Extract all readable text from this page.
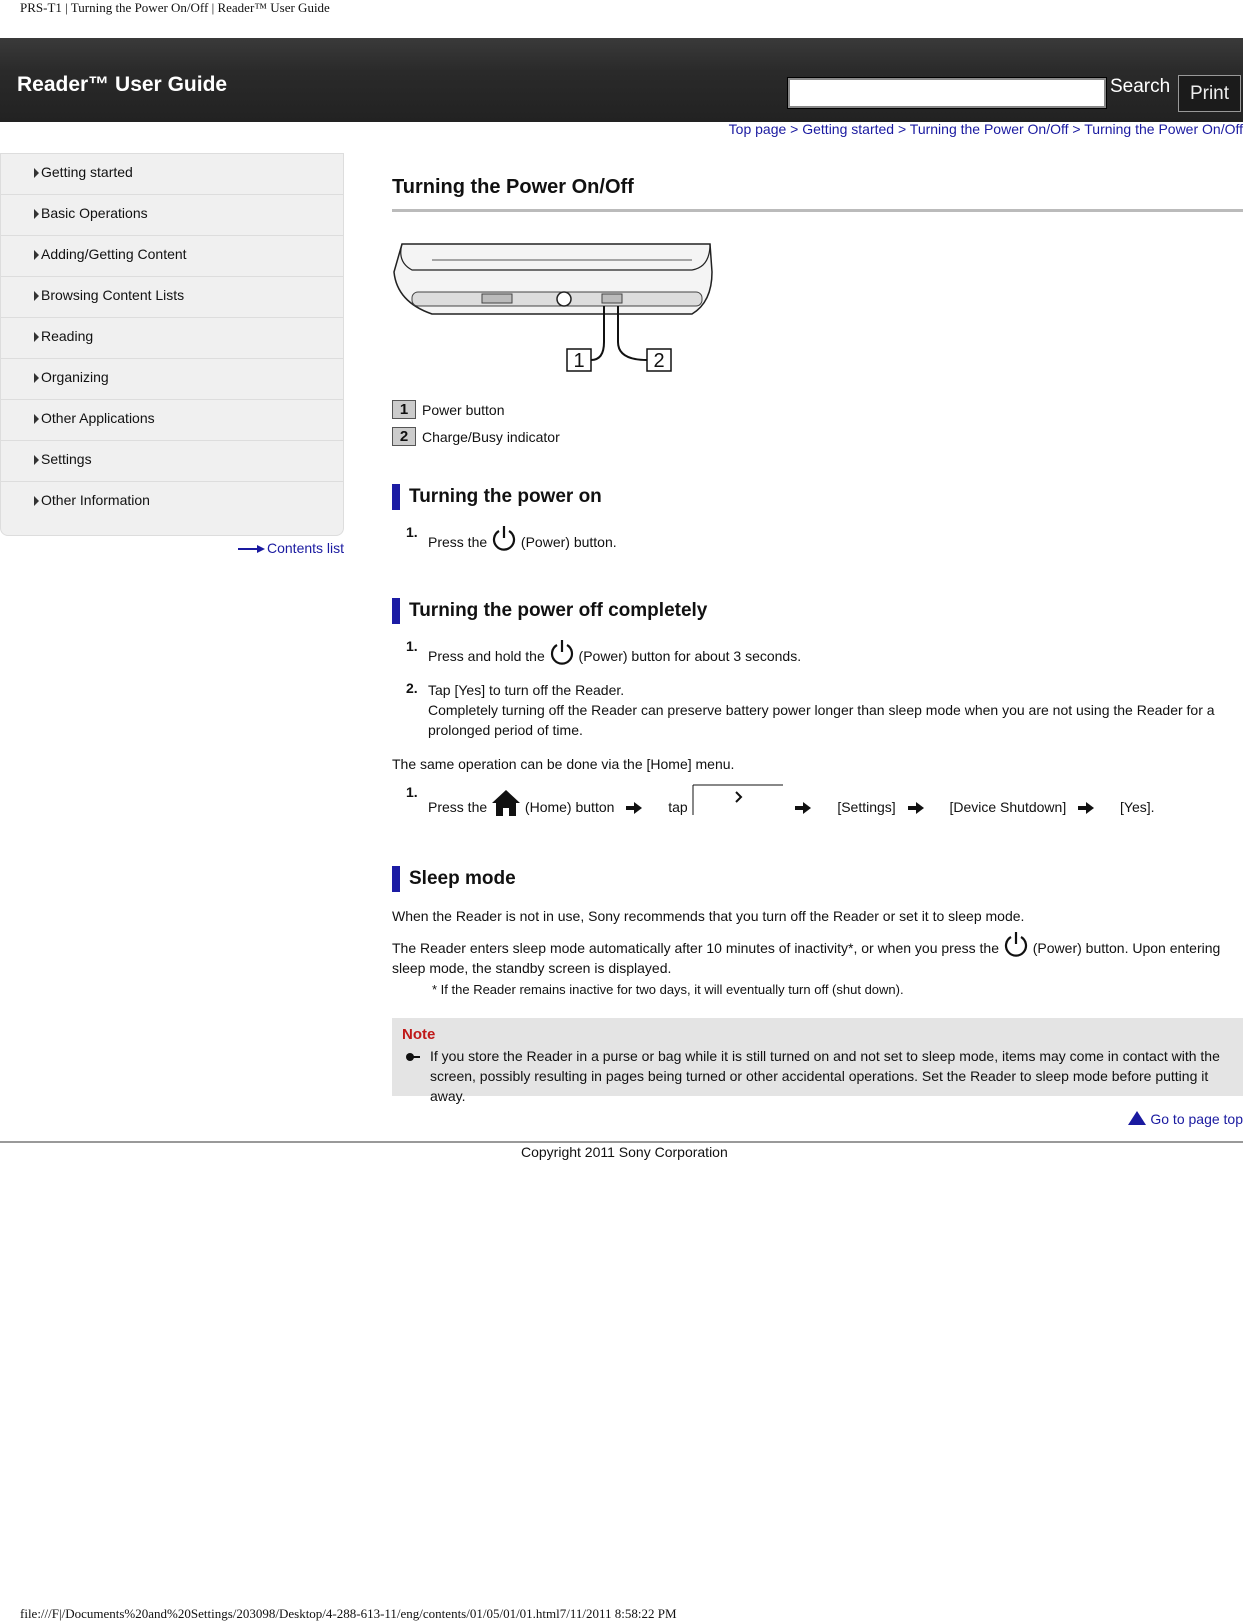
PRS-T1 | Turning the Power On/Off | Reader™ User Guide
Reader™ User Guide	Search	Print
Top page > Getting started > Turning the Power On/Off > Turning the Power On/Off
Getting started
Basic Operations
Adding/Getting Content
Browsing Content Lists
Reading
Organizing
Other Applications
Settings
Other Information
Contents list
Turning the Power On/Off
1	2
1 Power button
2 Charge/Busy indicator
Turning the power on
1.
Press the (Power) button.
Turning the power off completely
1.
Press and hold the (Power) button for about 3 seconds.
2. Tap [Yes] to turn off the Reader.
Completely turning off the Reader can preserve battery power longer than sleep mode when you are not using the Reader for a prolonged period of time.
The same operation can be done via the [Home] menu.
1.
Press the	(Home) button	tap	[Settings]	[Device Shutdown]	[Yes].
Sleep mode
When the Reader is not in use, Sony recommends that you turn off the Reader or set it to sleep mode.
The Reader enters sleep mode automatically after 10 minutes of inactivity*, or when you press the (Power) button. Upon entering sleep mode, the standby screen is displayed.
* If the Reader remains inactive for two days, it will eventually turn off (shut down).
Note
If you store the Reader in a purse or bag while it is still turned on and not set to sleep mode, items may come in contact with the screen, possibly resulting in pages being turned or other accidental operations. Set the Reader to sleep mode before putting it away.
Go to page top
Copyright 2011 Sony Corporation
file:///F|/Documents%20and%20Settings/203098/Desktop/4-288-613-11/eng/contents/01/05/01/01.html7/11/2011 8:58:22 PM
